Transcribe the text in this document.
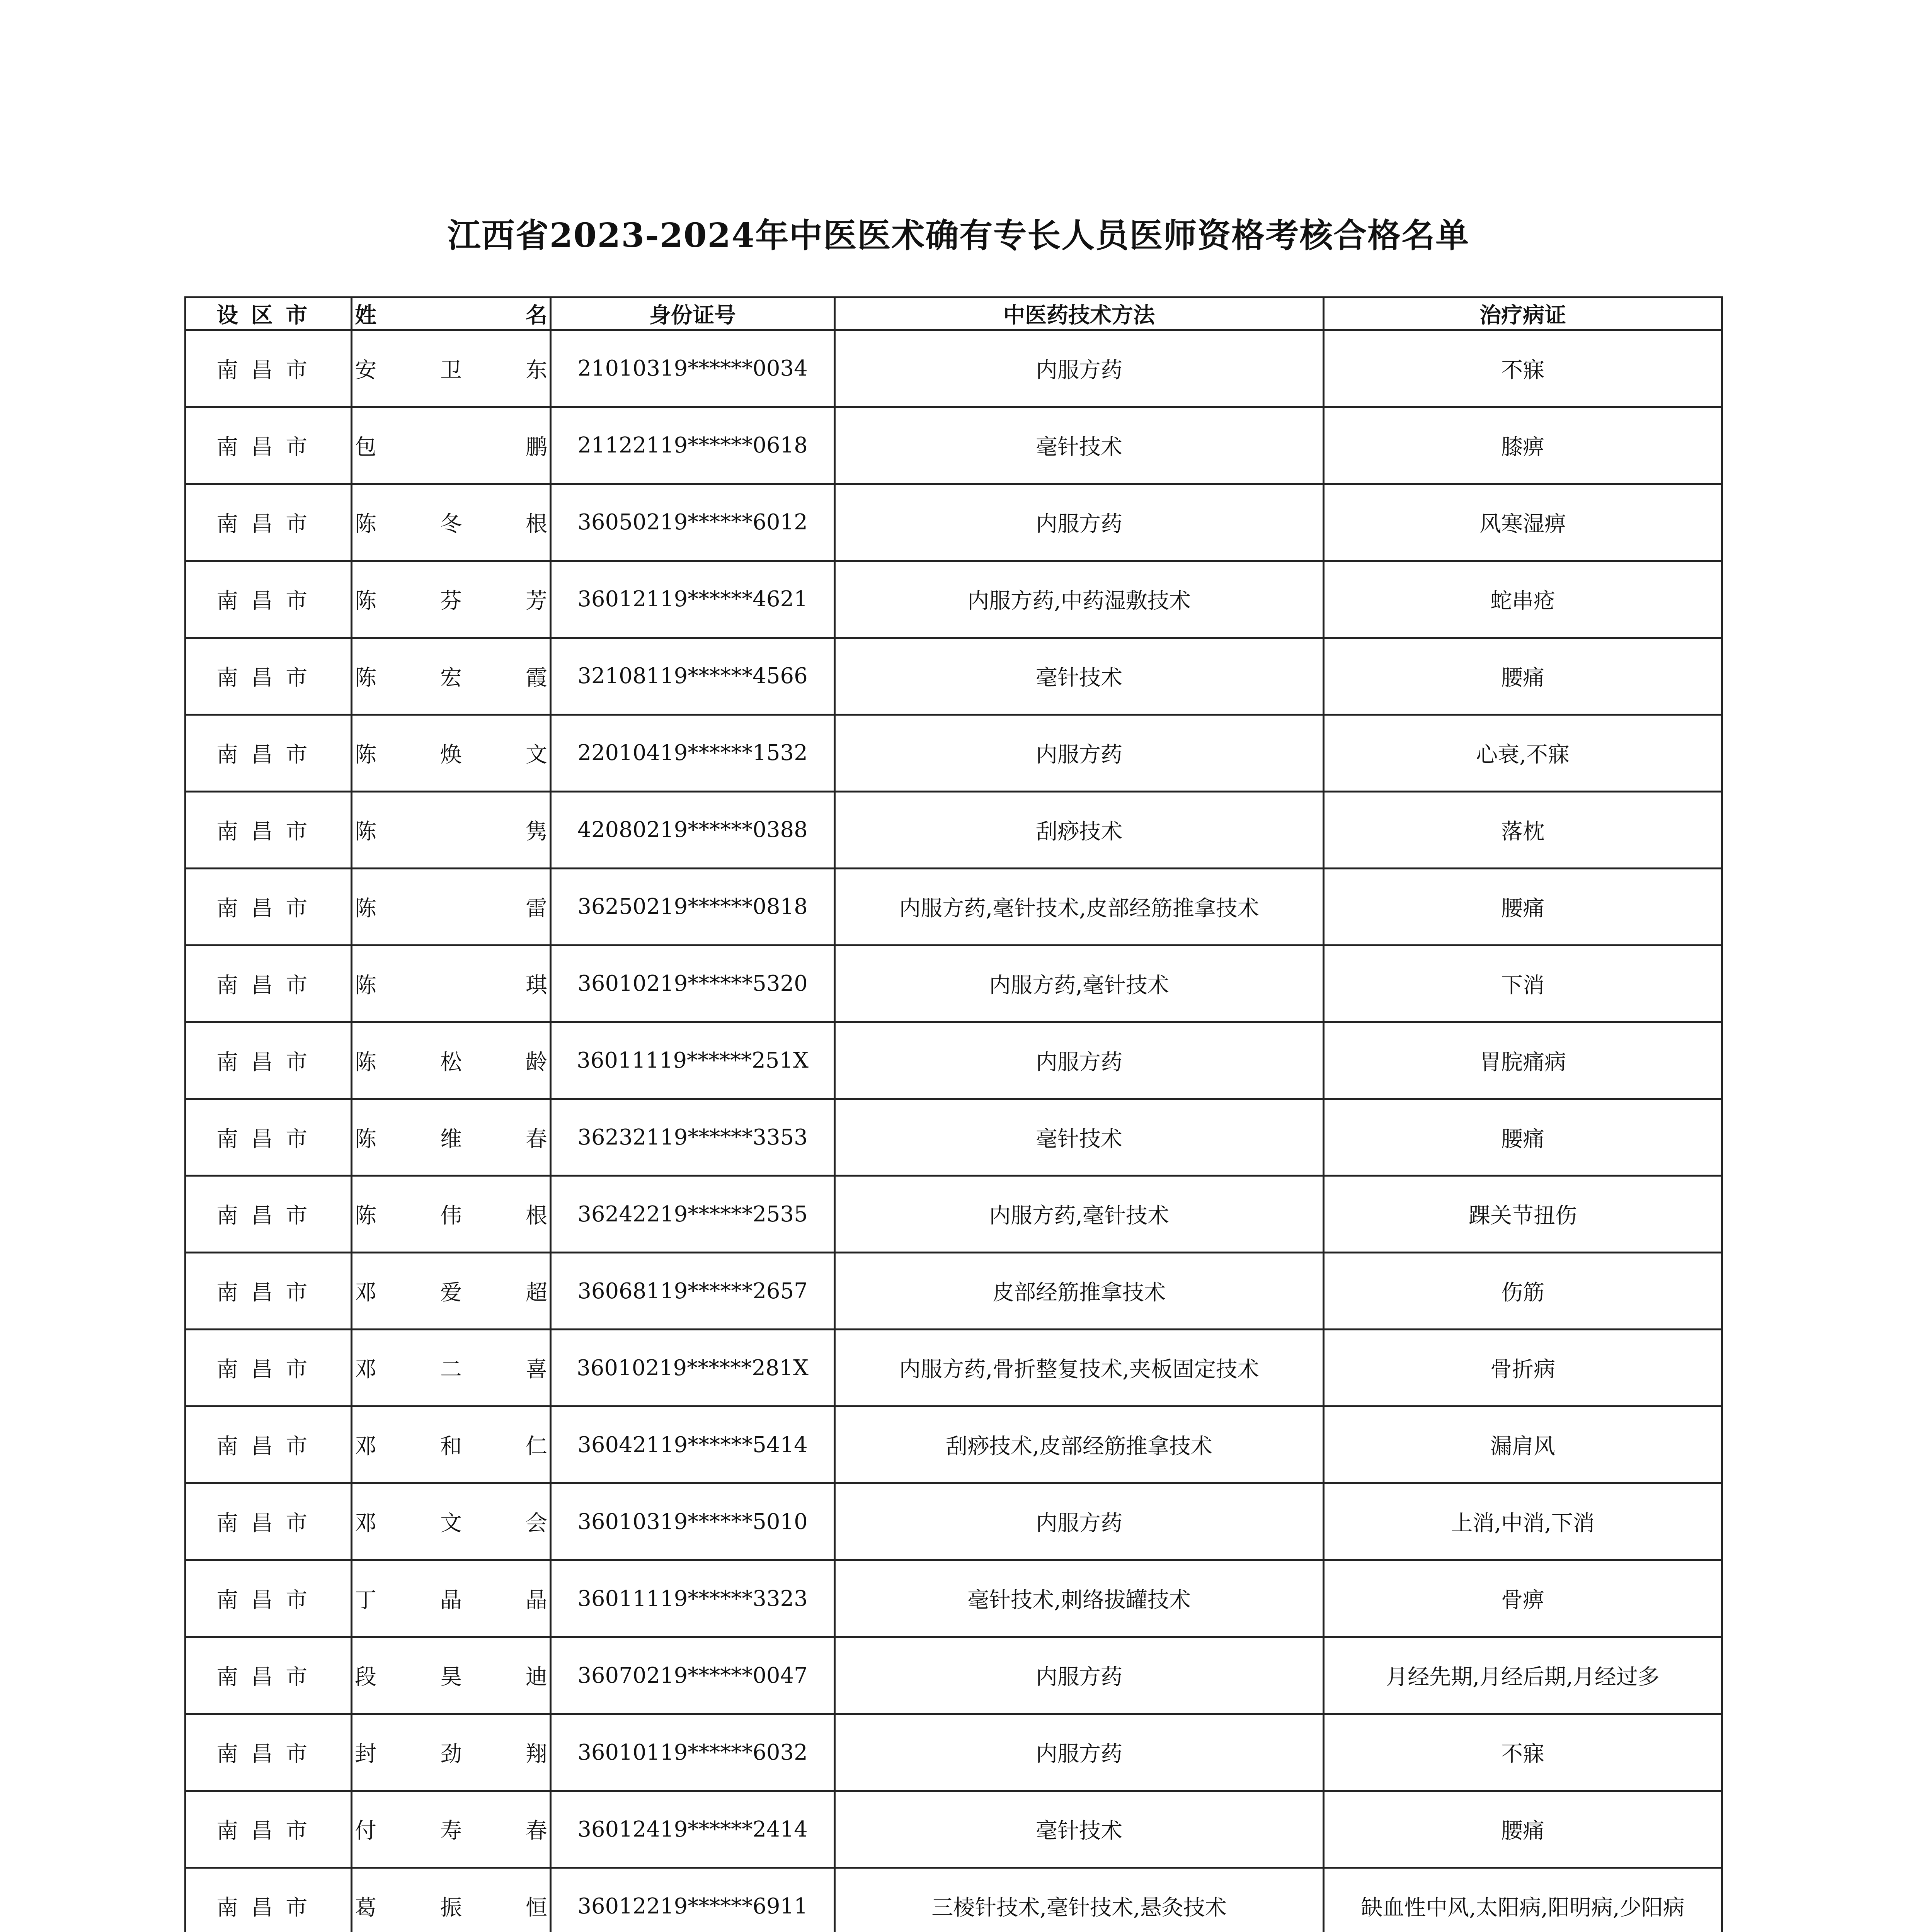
江西省2023-2024年中医医术确有专长人员医师资格考核合格名单
设区市	姓名	身份证号	中医药技术方法	治疗病证
南昌市	安卫东	21010319******0034	内服方药	不寐
南昌市	包鹏	21122119******0618	毫针技术	膝痹
南昌市	陈冬根	36050219******6012	内服方药	风寒湿痹
南昌市	陈芬芳	36012119******4621	内服方药,中药湿敷技术	蛇串疮
南昌市	陈宏霞	32108119******4566	毫针技术	腰痛
南昌市	陈焕文	22010419******1532	内服方药	心衰,不寐
南昌市	陈隽	42080219******0388	刮痧技术	落枕
南昌市	陈雷	36250219******0818	内服方药,毫针技术,皮部经筋推拿技术	腰痛
南昌市	陈琪	36010219******5320	内服方药,毫针技术	下消
南昌市	陈松龄	36011119******251X	内服方药	胃脘痛病
南昌市	陈维春	36232119******3353	毫针技术	腰痛
南昌市	陈伟根	36242219******2535	内服方药,毫针技术	踝关节扭伤
南昌市	邓爱超	36068119******2657	皮部经筋推拿技术	伤筋
南昌市	邓二喜	36010219******281X	内服方药,骨折整复技术,夹板固定技术	骨折病
南昌市	邓和仁	36042119******5414	刮痧技术,皮部经筋推拿技术	漏肩风
南昌市	邓文会	36010319******5010	内服方药	上消,中消,下消
南昌市	丁晶晶	36011119******3323	毫针技术,刺络拔罐技术	骨痹
南昌市	段昊迪	36070219******0047	内服方药	月经先期,月经后期,月经过多
南昌市	封劲翔	36010119******6032	内服方药	不寐
南昌市	付寿春	36012419******2414	毫针技术	腰痛
南昌市	葛振恒	36012219******6911	三棱针技术,毫针技术,悬灸技术	缺血性中风,太阳病,阳明病,少阳病
